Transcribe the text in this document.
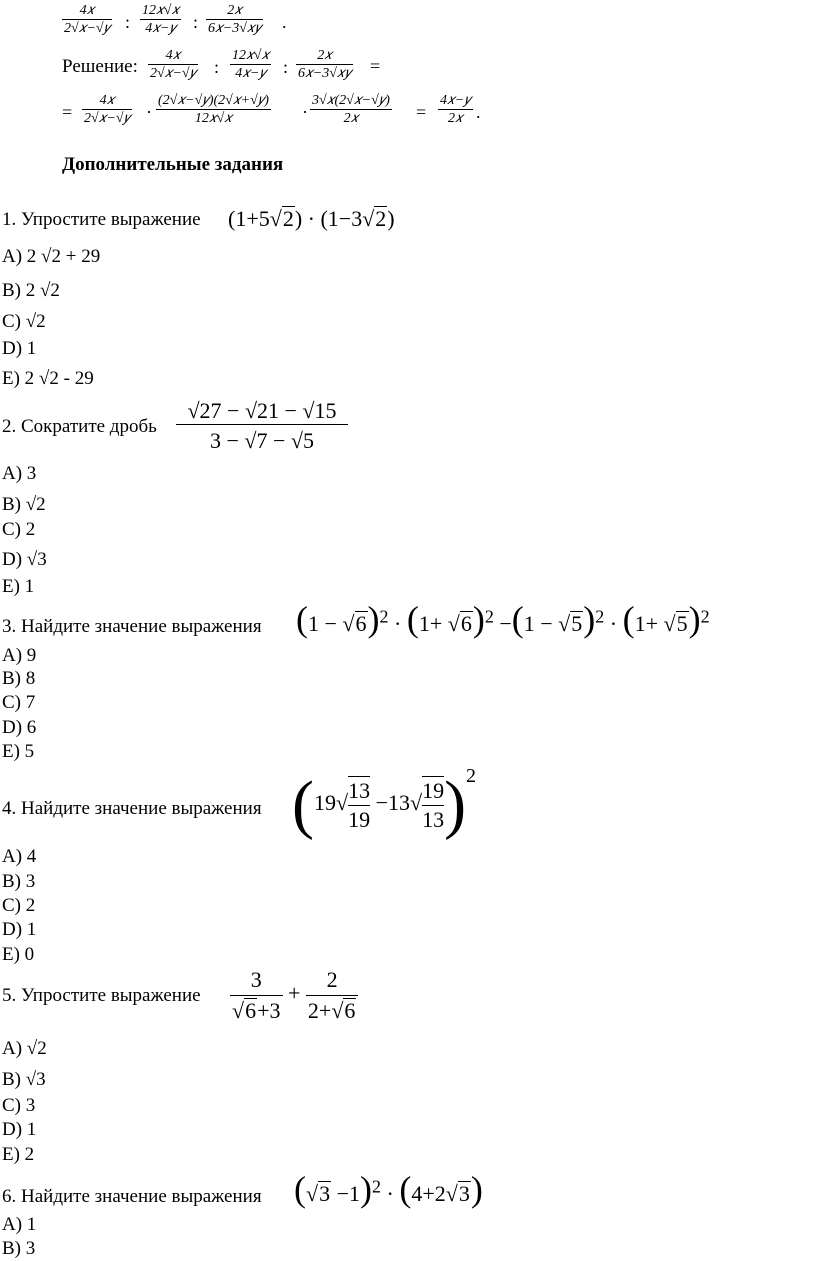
4𝑥
2√𝑥−√𝑦 :
12𝑥√𝑥
4𝑥−𝑦 :
2𝑥
6𝑥−3√𝑥𝑦 .
Решение:
4𝑥
2√𝑥−√𝑦 :
12𝑥√𝑥
4𝑥−𝑦 :
2𝑥
6𝑥−3√𝑥𝑦 =
=
4𝑥
2√𝑥−√𝑦 ·
(2√𝑥−√𝑦)(2√𝑥+√𝑦)
12𝑥√𝑥	·
3√𝑥(2√𝑥−√𝑦)
2𝑥	=
4𝑥−𝑦
2𝑥 .
Дополнительные задания
1. Упростите выражение (1+5√ 2) · (1−3√ 2)
A) 2 √2 + 29
B) 2 √2
C) √2
D) 1
E) 2 √2 - 29
2. Сократите дробь
√27 − √21 − √15
3 − √7 − √5
A) 3
B) √2
C) 2
D) √3
E) 1
3. Найдите значение выражения (1 − √ 6)$^2$ · (1+ √ 6)$^2$ −(1 − √ 5)$^2$ · (1+ √ 5)$^2$
A) 9
B) 8
C) 7
D) 6
E) 5
4. Найдите значение выражения $(19√ \frac{13}{19} -13√ \frac{19}{13} )2$
A) 4
B) 3
C) 2
D) 1
E) 0
5. Упростите выражение 3
√ $6+3 + \frac{2}{2+√ 6}$
A) √2
B) √3
C) 3
D) 1
E) 2
6. Найдите значение выражения (√ 3 −1)$^2$ · (4+2√ 3)
A) 1
B) 3
(1 + 5√2) · (1 − 3√2)
(1 − √6)² · (1 + √6)² − (1 − √5)² · (1 + √5)²
(19√(13/19) − 13√(19/13))²
3/(√6 + 3) + 2/(2 + √6)
(√3 − 1)² · (4 + 2√3)
